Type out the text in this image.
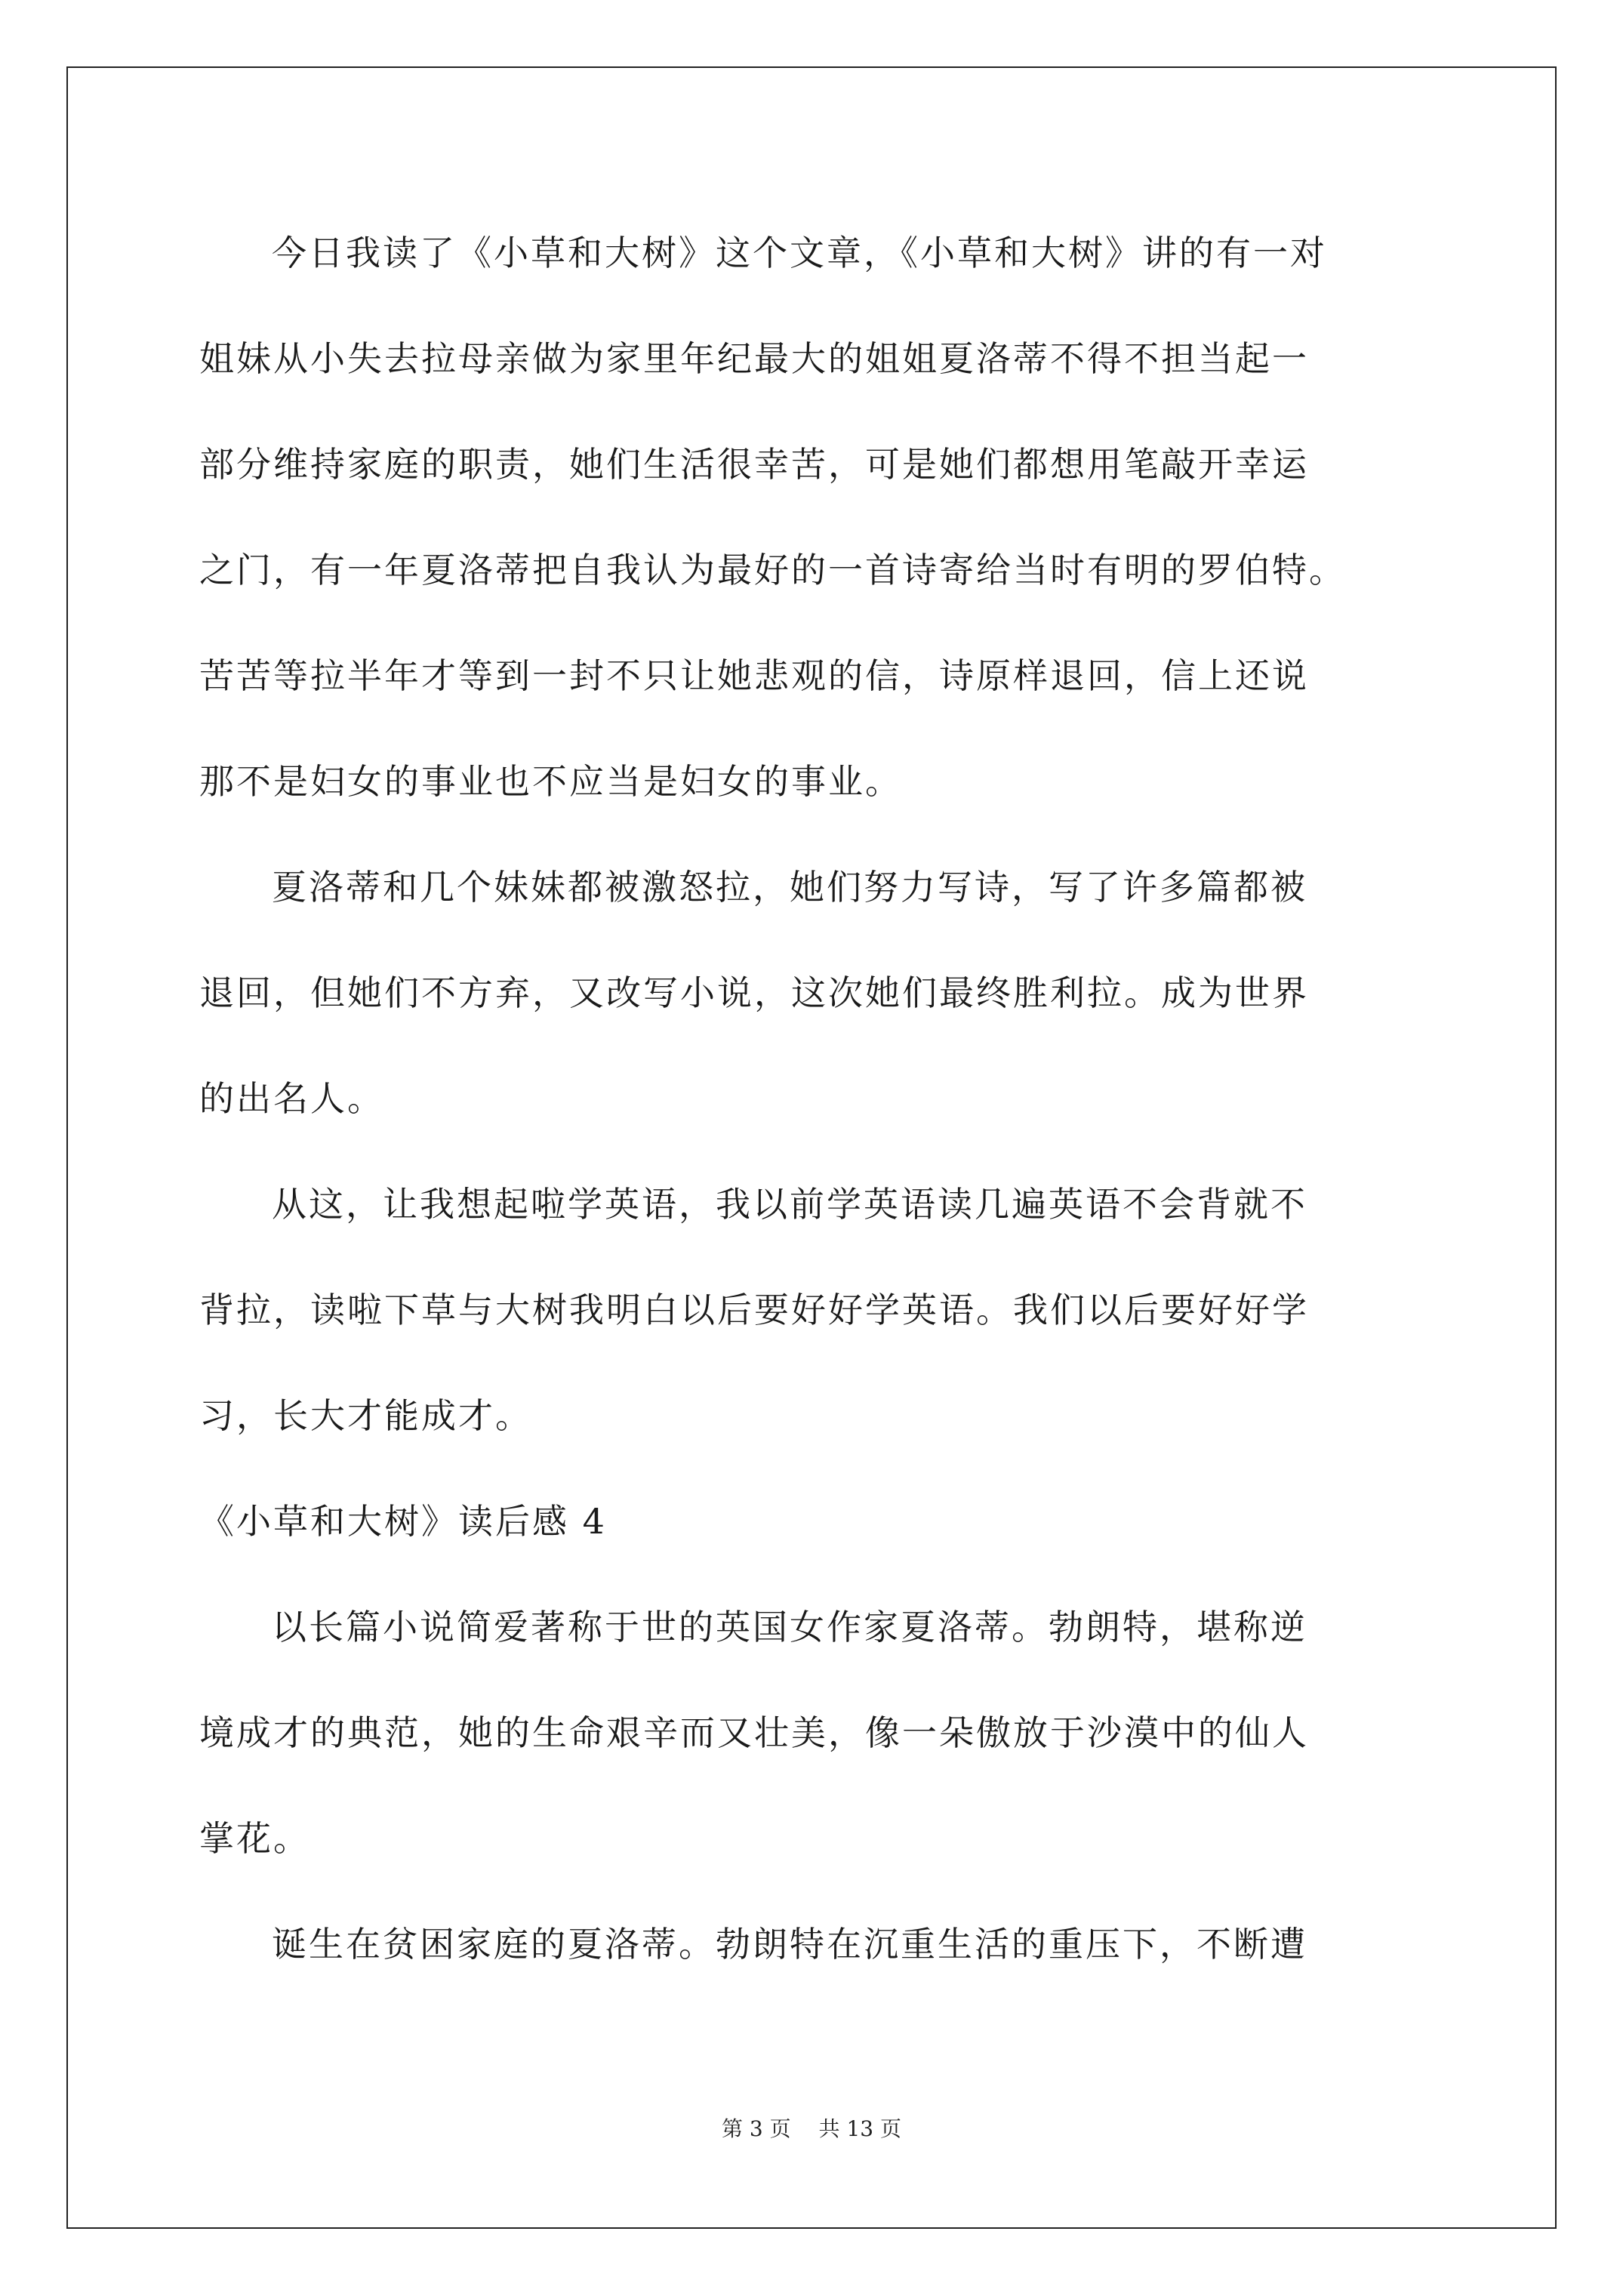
今日我读了《小草和大树》这个文章，《小草和大树》讲的有一对
姐妹从小失去拉母亲做为家里年纪最大的姐姐夏洛蒂不得不担当起一
部分维持家庭的职责，她们生活很幸苦，可是她们都想用笔敲开幸运
之门，有一年夏洛蒂把自我认为最好的一首诗寄给当时有明的罗伯特。
苦苦等拉半年才等到一封不只让她悲观的信，诗原样退回，信上还说
那不是妇女的事业也不应当是妇女的事业。
夏洛蒂和几个妹妹都被激怒拉，她们努力写诗，写了许多篇都被
退回，但她们不方弃，又改写小说，这次她们最终胜利拉。成为世界
的出名人。
从这，让我想起啦学英语，我以前学英语读几遍英语不会背就不
背拉，读啦下草与大树我明白以后要好好学英语。我们以后要好好学
习，长大才能成才。
《小草和大树》读后感 4
以长篇小说简爱著称于世的英国女作家夏洛蒂。勃朗特，堪称逆
境成才的典范，她的生命艰辛而又壮美，像一朵傲放于沙漠中的仙人
掌花。
诞生在贫困家庭的夏洛蒂。勃朗特在沉重生活的重压下，不断遭
第 3 页 共 13 页
